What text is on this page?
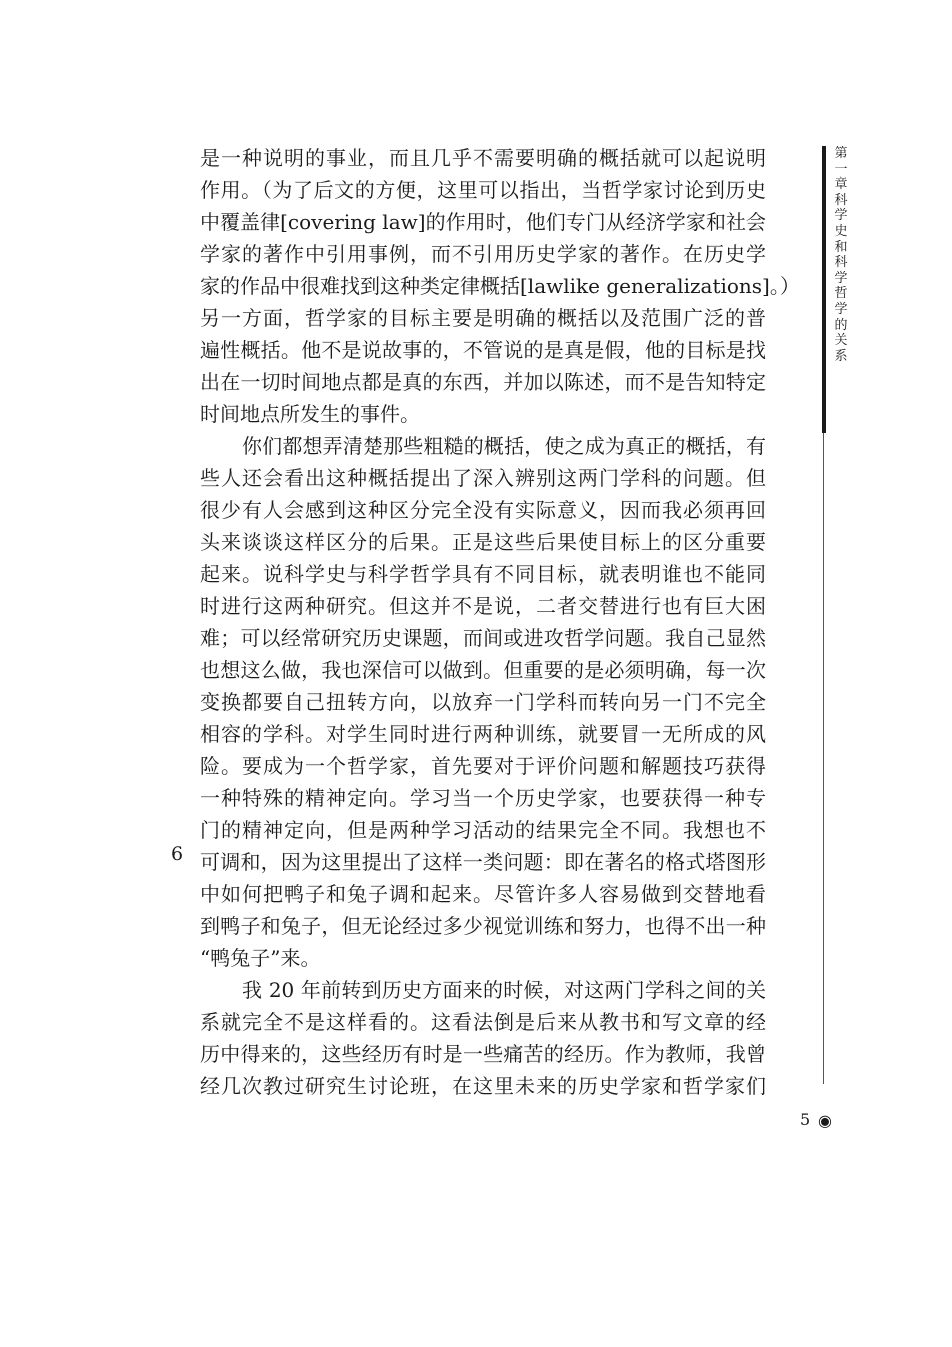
是一种说明的事业，而且几乎不需要明确的概括就可以起说明
作用。（为了后文的方便，这里可以指出，当哲学家讨论到历史
中覆盖律[covering law]的作用时，他们专门从经济学家和社会
学家的著作中引用事例，而不引用历史学家的著作。在历史学
家的作品中很难找到这种类定律概括[lawlike generalizations]。）
另一方面，哲学家的目标主要是明确的概括以及范围广泛的普
遍性概括。他不是说故事的，不管说的是真是假，他的目标是找
出在一切时间地点都是真的东西，并加以陈述，而不是告知特定
时间地点所发生的事件。
你们都想弄清楚那些粗糙的概括，使之成为真正的概括，有
些人还会看出这种概括提出了深入辨别这两门学科的问题。但
很少有人会感到这种区分完全没有实际意义，因而我必须再回
头来谈谈这样区分的后果。正是这些后果使目标上的区分重要
起来。说科学史与科学哲学具有不同目标，就表明谁也不能同
时进行这两种研究。但这并不是说，二者交替进行也有巨大困
难；可以经常研究历史课题，而间或进攻哲学问题。我自己显然
也想这么做，我也深信可以做到。但重要的是必须明确，每一次
变换都要自己扭转方向，以放弃一门学科而转向另一门不完全
相容的学科。对学生同时进行两种训练，就要冒一无所成的风
险。要成为一个哲学家，首先要对于评价问题和解题技巧获得
一种特殊的精神定向。学习当一个历史学家，也要获得一种专
门的精神定向，但是两种学习活动的结果完全不同。我想也不
可调和，因为这里提出了这样一类问题：即在著名的格式塔图形
中如何把鸭子和兔子调和起来。尽管许多人容易做到交替地看
到鸭子和兔子，但无论经过多少视觉训练和努力，也得不出一种
“鸭兔子”来。
我 20 年前转到历史方面来的时候，对这两门学科之间的关
系就完全不是这样看的。这看法倒是后来从教书和写文章的经
历中得来的，这些经历有时是一些痛苦的经历。作为教师，我曾
经几次教过研究生讨论班，在这里未来的历史学家和哲学家们
6
第一章　科学史和科学哲学的关系
5 ◉
